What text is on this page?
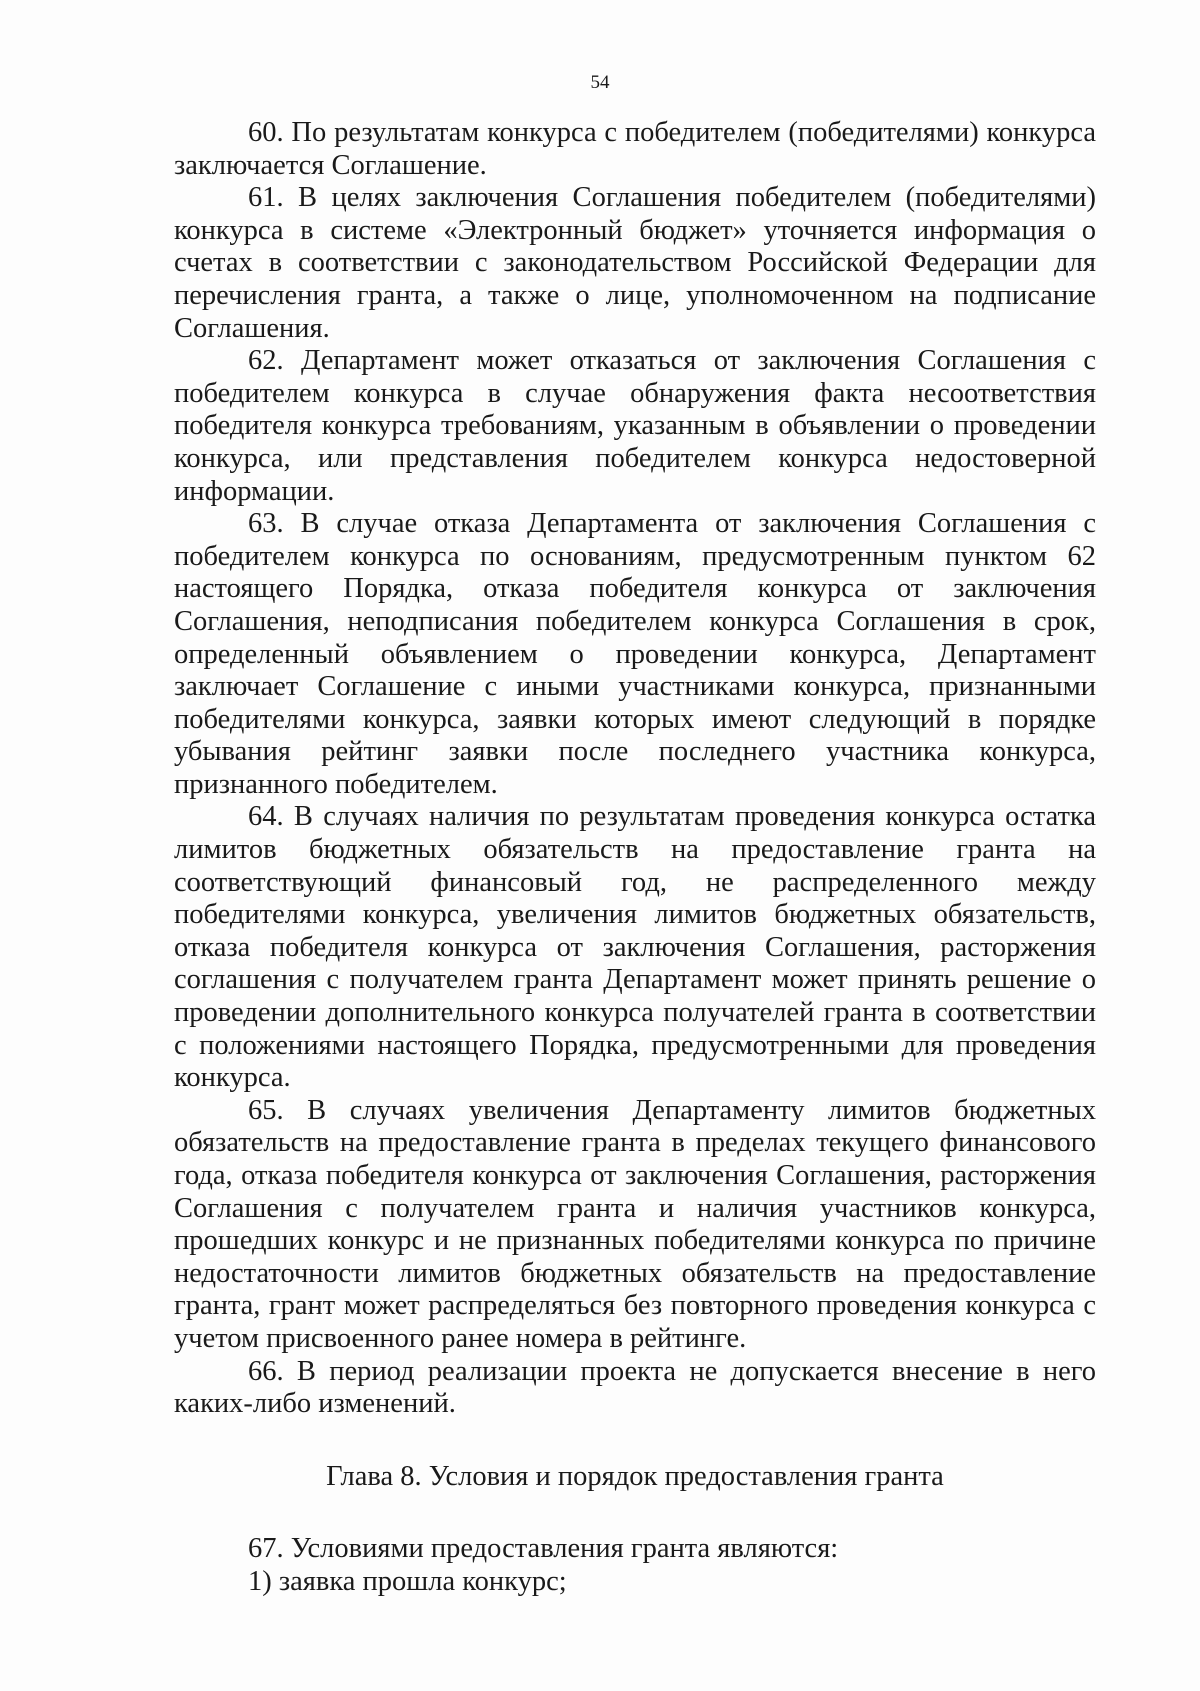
54

60. По результатам конкурса с победителем (победителями) конкурса заключается Соглашение.

61. В целях заключения Соглашения победителем (победителями) конкурса в системе «Электронный бюджет» уточняется информация о счетах в соответствии с законодательством Российской Федерации для перечисления гранта, а также о лице, уполномоченном на подписание Соглашения.

62. Департамент может отказаться от заключения Соглашения с победителем конкурса в случае обнаружения факта несоответствия победителя конкурса требованиям, указанным в объявлении о проведении конкурса, или представления победителем конкурса недостоверной информации.

63. В случае отказа Департамента от заключения Соглашения с победителем конкурса по основаниям, предусмотренным пунктом 62 настоящего Порядка, отказа победителя конкурса от заключения Соглашения, неподписания победителем конкурса Соглашения в срок, определенный объявлением о проведении конкурса, Департамент заключает Соглашение с иными участниками конкурса, признанными победителями конкурса, заявки которых имеют следующий в порядке убывания рейтинг заявки после последнего участника конкурса, признанного победителем.

64. В случаях наличия по результатам проведения конкурса остатка лимитов бюджетных обязательств на предоставление гранта на соответствующий финансовый год, не распределенного между победителями конкурса, увеличения лимитов бюджетных обязательств, отказа победителя конкурса от заключения Соглашения, расторжения соглашения с получателем гранта Департамент может принять решение о проведении дополнительного конкурса получателей гранта в соответствии с положениями настоящего Порядка, предусмотренными для проведения конкурса.

65. В случаях увеличения Департаменту лимитов бюджетных обязательств на предоставление гранта в пределах текущего финансового года, отказа победителя конкурса от заключения Соглашения, расторжения Соглашения с получателем гранта и наличия участников конкурса, прошедших конкурс и не признанных победителями конкурса по причине недостаточности лимитов бюджетных обязательств на предоставление гранта, грант может распределяться без повторного проведения конкурса с учетом присвоенного ранее номера в рейтинге.

66. В период реализации проекта не допускается внесение в него каких-либо изменений.

Глава 8. Условия и порядок предоставления гранта

67. Условиями предоставления гранта являются:

1) заявка прошла конкурс;
